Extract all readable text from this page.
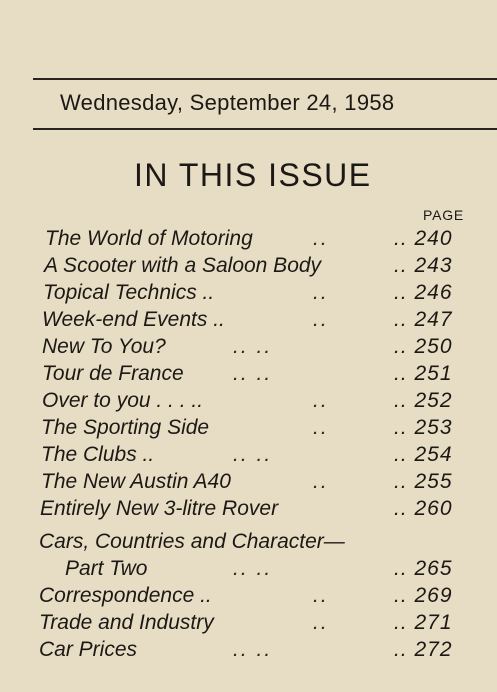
Wednesday, September 24, 1958
IN THIS ISSUE
PAGE
The World of Motoring	..	.. 240
A Scooter with a Saloon Body	.. 243
Topical Technics ..	..	.. 246
Week-end Events ..	..	.. 247
New To You?	.. ..	.. 250
Tour de France .. ..	.. 251
Over to you . . . ..	..	.. 252
The Sporting Side	..	.. 253
The Clubs ..	.. ..	.. 254
The New Austin A40	..	.. 255
Entirely New 3-litre Rover	.. 260
Cars, Countries and Character—
Part Two	.. ..	.. 265
Correspondence ..	..	.. 269
Trade and Industry	..	.. 271
Car Prices	.. ..	.. 272
